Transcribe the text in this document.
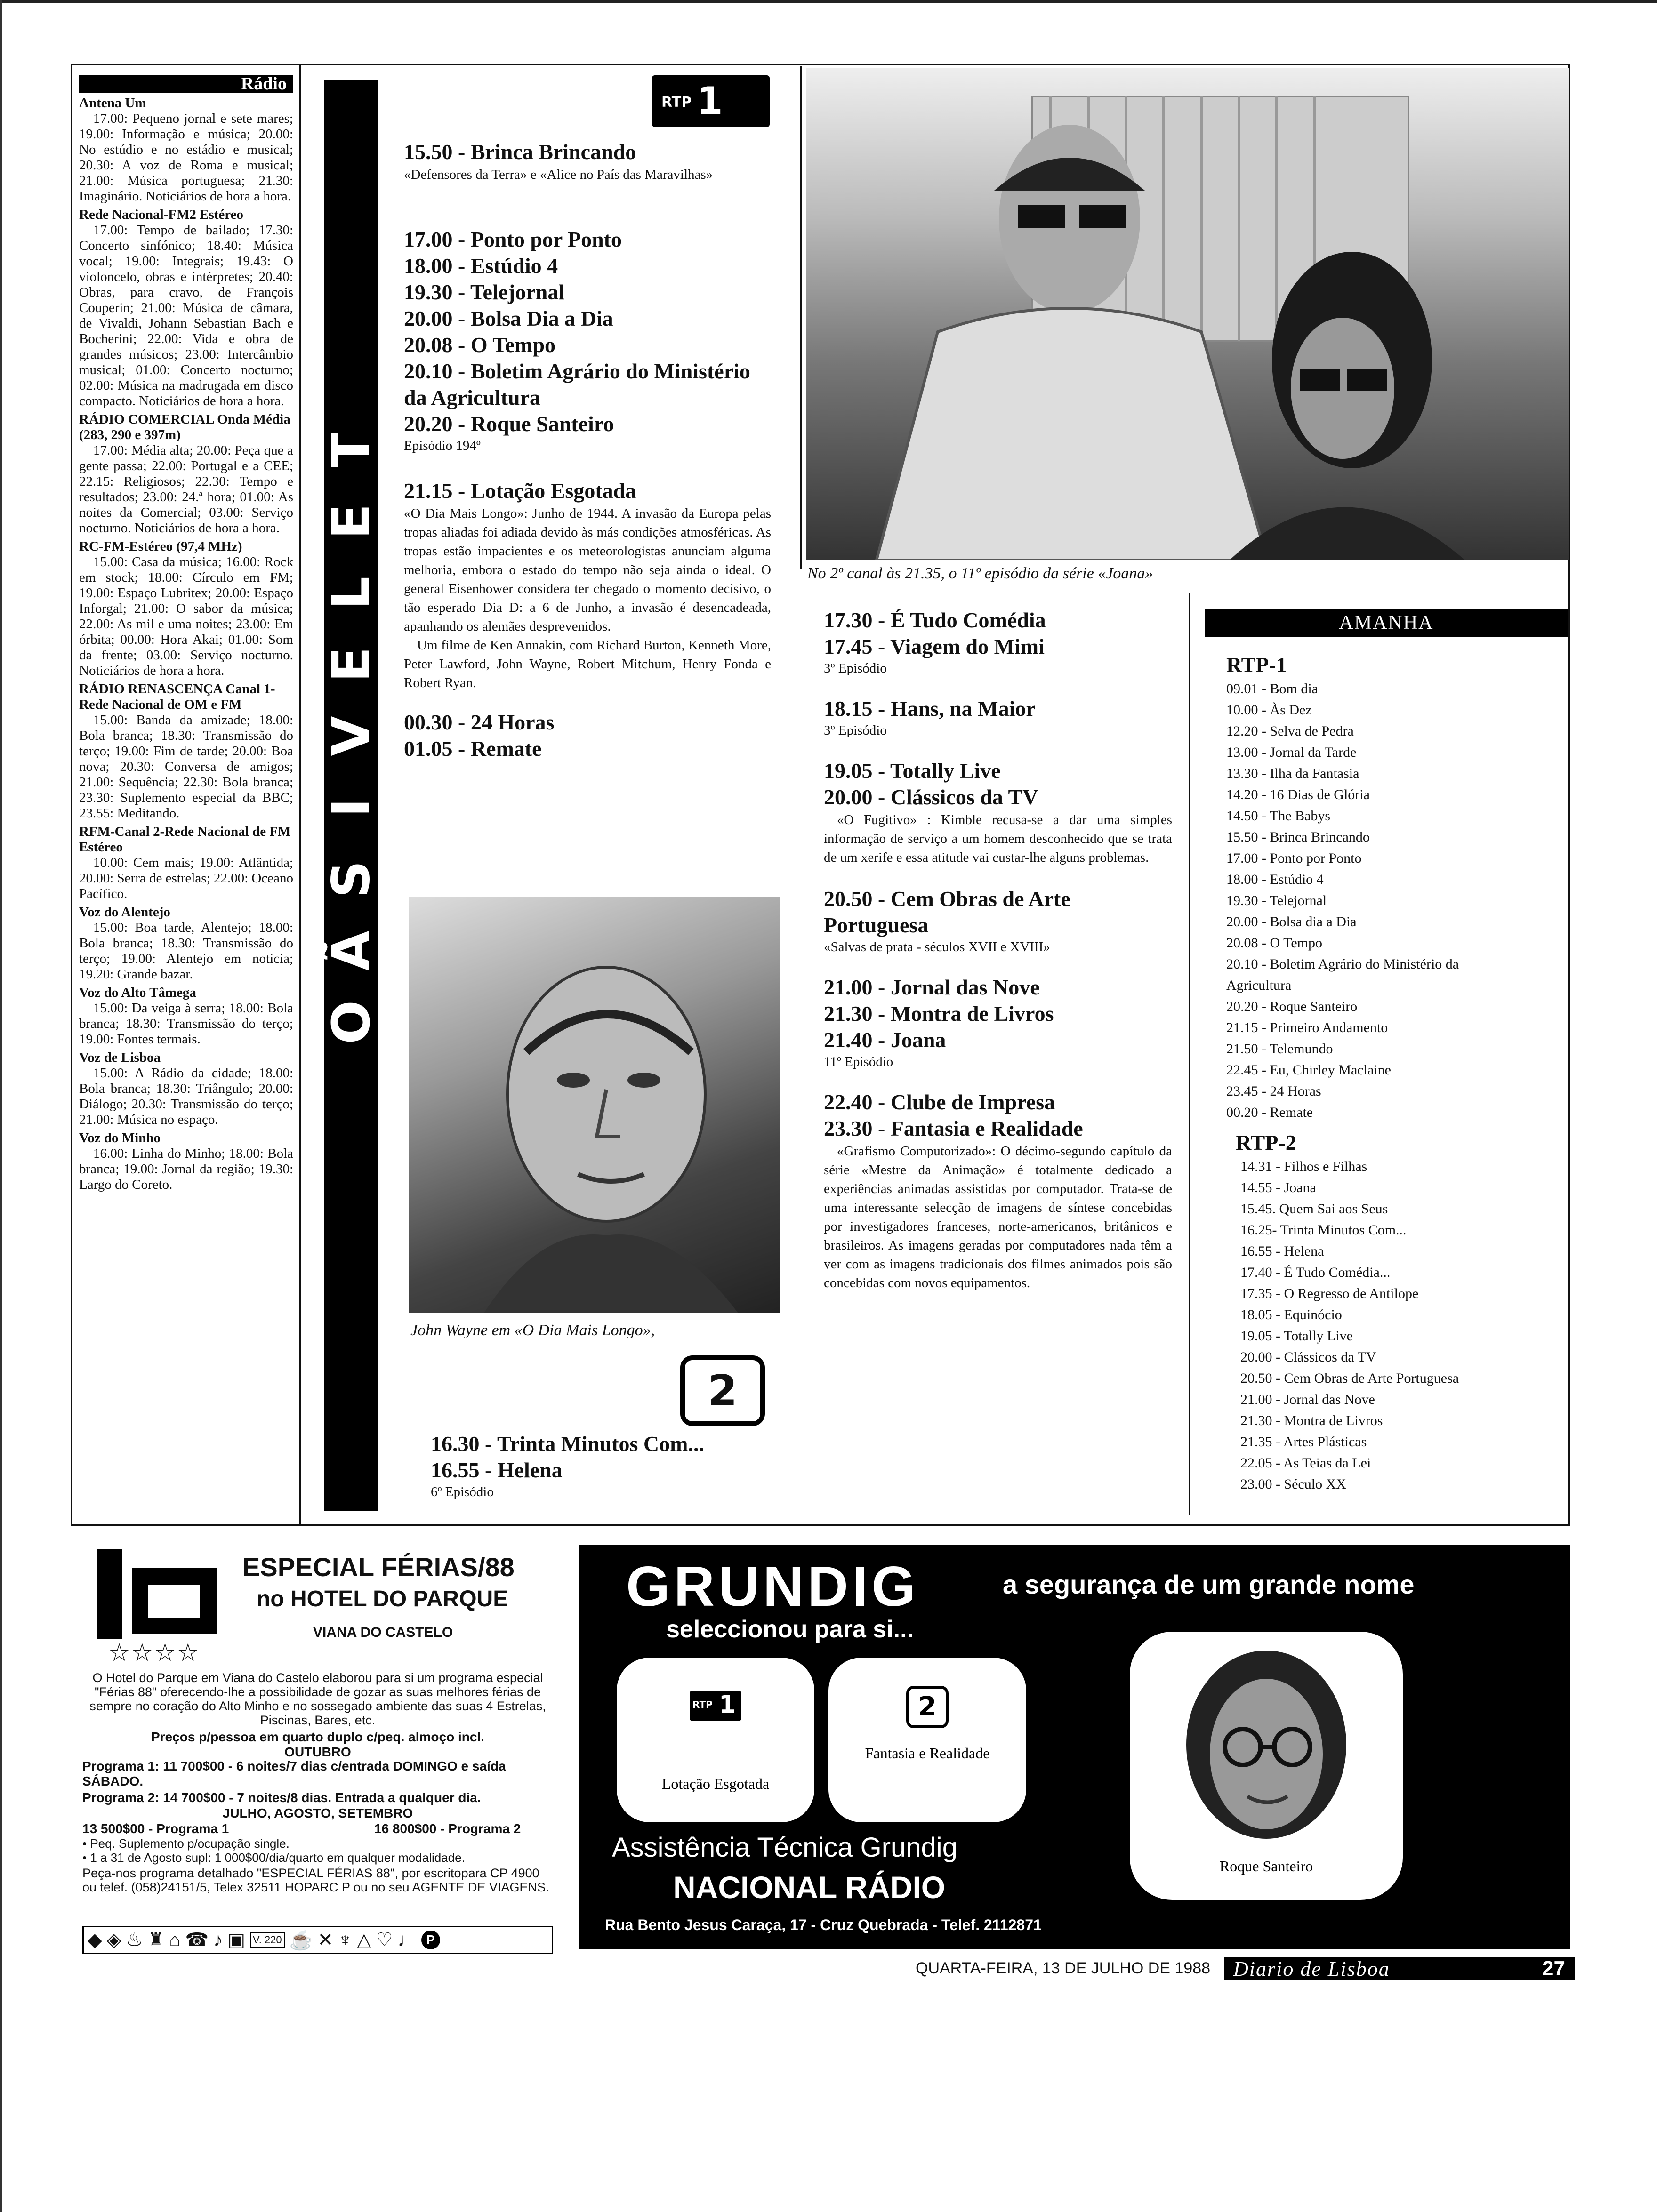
Rádio
Antena Um

17.00: Pequeno jornal e sete mares; 19.00: Informação e música; 20.00: No estúdio e no estádio e musical; 20.30: A voz de Roma e musical; 21.00: Música portuguesa; 21.30: Imaginário. Noticiários de hora a hora.

Rede Nacional-FM2 Estéreo

17.00: Tempo de bailado; 17.30: Concerto sinfónico; 18.40: Música vocal; 19.00: Integrais; 19.43: O violoncelo, obras e intérpretes; 20.40: Obras, para cravo, de François Couperin; 21.00: Música de câmara, de Vivaldi, Johann Sebastian Bach e Bocherini; 22.00: Vida e obra de grandes músicos; 23.00: Intercâmbio musical; 01.00: Concerto nocturno; 02.00: Música na madrugada em disco compacto. Noticiários de hora a hora.

RÁDIO COMERCIAL Onda Média (283, 290 e 397m)

17.00: Média alta; 20.00: Peça que a gente passa; 22.00: Portugal e a CEE; 22.15: Religiosos; 22.30: Tempo e resultados; 23.00: 24.ª hora; 01.00: As noites da Comercial; 03.00: Serviço nocturno. Noticiários de hora a hora.

RC-FM-Estéreo (97,4 MHz)

15.00: Casa da música; 16.00: Rock em stock; 18.00: Círculo em FM; 19.00: Espaço Lubritex; 20.00: Espaço Inforgal; 21.00: O sabor da música; 22.00: As mil e uma noites; 23.00: Em órbita; 00.00: Hora Akai; 01.00: Som da frente; 03.00: Serviço nocturno. Noticiários de hora a hora.

RÁDIO RENASCENÇA Canal 1-Rede Nacional de OM e FM

15.00: Banda da amizade; 18.00: Bola branca; 18.30: Transmissão do terço; 19.00: Fim de tarde; 20.00: Boa nova; 20.30: Conversa de amigos; 21.00: Sequência; 22.30: Bola branca; 23.30: Suplemento especial da BBC; 23.55: Meditando.

RFM-Canal 2-Rede Nacional de FM Estéreo

10.00: Cem mais; 19.00: Atlântida; 20.00: Serra de estrelas; 22.00: Oceano Pacífico.

Voz do Alentejo

15.00: Boa tarde, Alentejo; 18.00: Bola branca; 18.30: Transmissão do terço; 19.00: Alentejo em notícia; 19.20: Grande bazar.

Voz do Alto Tâmega

15.00: Da veiga à serra; 18.00: Bola branca; 18.30: Transmissão do terço; 19.00: Fontes termais.

Voz de Lisboa

15.00: A Rádio da cidade; 18.00: Bola branca; 18.30: Triângulo; 20.00: Diálogo; 20.30: Transmissão do terço; 21.00: Música no espaço.

Voz do Minho

16.00: Linha do Minho; 18.00: Bola branca; 19.00: Jornal da região; 19.30: Largo do Coreto.

T
E
L
E
V
I
S
Ã
O
RTP 1
15.50 - Brinca Brincando
«Defensores da Terra» e «Alice no País das Maravilhas»
17.00 - Ponto por Ponto
18.00 - Estúdio 4
19.30 - Telejornal
20.00 - Bolsa Dia a Dia
20.08 - O Tempo
20.10 - Boletim Agrário do Ministério da Agricultura
20.20 - Roque Santeiro
Episódio 194º
21.15 - Lotação Esgotada
«O Dia Mais Longo»: Junho de 1944. A invasão da Europa pelas tropas aliadas foi adiada devido às más condições atmosféricas. As tropas estão impacientes e os meteorologistas anunciam alguma melhoria, embora o estado do tempo não seja ainda o ideal. O general Eisenhower considera ter chegado o momento decisivo, o tão esperado Dia D: a 6 de Junho, a invasão é desencadeada, apanhando os alemães desprevenidos.
Um filme de Ken Annakin, com Richard Burton, Kenneth More, Peter Lawford, John Wayne, Robert Mitchum, Henry Fonda e Robert Ryan.
00.30 - 24 Horas
01.05 - Remate
John Wayne em «O Dia Mais Longo»,
2
16.30 - Trinta Minutos Com...
16.55 - Helena
6º Episódio
No 2º canal às 21.35, o 11º episódio da série «Joana»
17.30 - É Tudo Comédia
17.45 - Viagem do Mimi
3º Episódio
18.15 - Hans, na Maior
3º Episódio
19.05 - Totally Live
20.00 - Clássicos da TV
«O Fugitivo» : Kimble recusa-se a dar uma simples informação de serviço a um homem desconhecido que se trata de um xerife e essa atitude vai custar-lhe alguns problemas.
20.50 - Cem Obras de Arte Portuguesa
«Salvas de prata - séculos XVII e XVIII»
21.00 - Jornal das Nove
21.30 - Montra de Livros
21.40 - Joana
11º Episódio
22.40 - Clube de Impresa
23.30 - Fantasia e Realidade
«Grafismo Computorizado»: O décimo-segundo capítulo da série «Mestre da Animação» é totalmente dedicado a experiências animadas assistidas por computador. Trata-se de uma interessante selecção de imagens de síntese concebidas por investigadores franceses, norte-americanos, britânicos e brasileiros. As imagens geradas por computadores nada têm a ver com as imagens tradicionais dos filmes animados pois são concebidas com novos equipamentos.
AMANHA
RTP-1
09.01 - Bom dia
10.00 - Às Dez
12.20 - Selva de Pedra
13.00 - Jornal da Tarde
13.30 - Ilha da Fantasia
14.20 - 16 Dias de Glória
14.50 - The Babys
15.50 - Brinca Brincando
17.00 - Ponto por Ponto
18.00 - Estúdio 4
19.30 - Telejornal
20.00 - Bolsa dia a Dia
20.08 - O Tempo
20.10 - Boletim Agrário do Ministério da
Agricultura
20.20 - Roque Santeiro
21.15 - Primeiro Andamento
21.50 - Telemundo
22.45 - Eu, Chirley Maclaine
23.45 - 24 Horas
00.20 - Remate
RTP-2
14.31 - Filhos e Filhas
14.55 - Joana
15.45. Quem Sai aos Seus
16.25- Trinta Minutos Com...
16.55 - Helena
17.40 - É Tudo Comédia...
17.35 - O Regresso de Antilope
18.05 - Equinócio
19.05 - Totally Live
20.00 - Clássicos da TV
20.50 - Cem Obras de Arte Portuguesa
21.00 - Jornal das Nove
21.30 - Montra de Livros
21.35 - Artes Plásticas
22.05 - As Teias da Lei
23.00 - Século XX
ESPECIAL FÉRIAS/88
no HOTEL DO PARQUE
VIANA DO CASTELO
☆☆☆☆
O Hotel do Parque em Viana do Castelo elaborou para si um programa especial "Férias 88" oferecendo-lhe a possibilidade de gozar as suas melhores férias de sempre no coração do Alto Minho e no sossegado ambiente das suas 4 Estrelas, Piscinas, Bares, etc.
Preços p/pessoa em quarto duplo c/peq. almoço incl.
OUTUBRO
Programa 1: 11 700$00 - 6 noites/7 dias c/entrada DOMINGO e saída SÁBADO.
Programa 2: 14 700$00 - 7 noites/8 dias. Entrada a qualquer dia.
JULHO, AGOSTO, SETEMBRO
13 500$00 - Programa 1	16 800$00 - Programa 2
• Peq. Suplemento p/ocupação single.
• 1 a 31 de Agosto supl: 1 000$00/dia/quarto em qualquer modalidade.
Peça-nos programa detalhado "ESPECIAL FÉRIAS 88", por escritopara CP 4900 ou telef. (058)24151/5, Telex 32511 HOPARC P ou no seu AGENTE DE VIAGENS.
◆ ◈ ♨ ♜ ⌂ ☎ ♪ ▣ V. 220 ☕ ✕ ♆ △ ♡ ♩ P
GRUNDIG	a segurança de um grande nome
seleccionou para si...
RTP 1
Lotação Esgotada
2
Fantasia e Realidade
Roque Santeiro
Assistência Técnica Grundig
NACIONAL RÁDIO
Rua Bento Jesus Caraça, 17 - Cruz Quebrada - Telef. 2112871
QUARTA-FEIRA, 13 DE JULHO DE 1988 Diario de Lisboa	27
